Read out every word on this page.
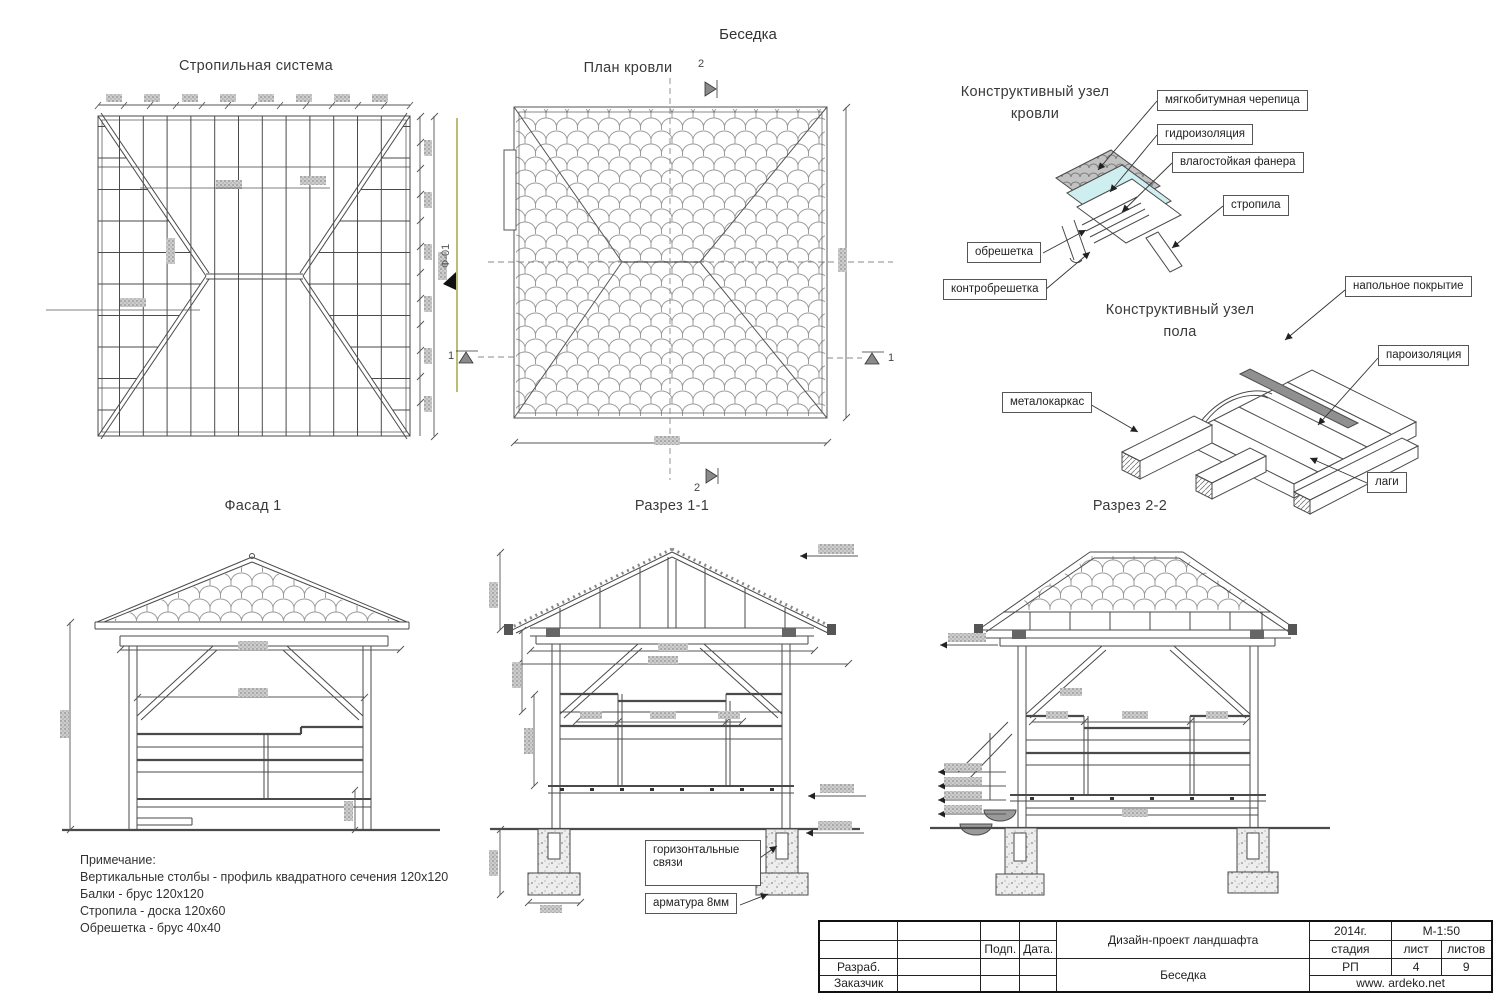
Беседка
Стропильная система	План кровли
Конструктивный узел
кровли
Конструктивный узел
пола
Фасад 1	Разрез 1-1	Разрез 2-2
Ф-01
2
2
1	1
мягкобитумная черепица
гидроизоляция
влагостойкая фанера
стропила
обрешетка
контробрешетка	напольное покрытие
пароизоляция
металокаркас
лаги
горизонтальные связи
арматура 8мм
Примечание:
Вертикальные столбы - профиль квадратного сечения 120х120
Балки - брус 120х120
Стропила - доска 120х60
Обрешетка - брус 40х40
				Дизайн-проект ландшафта	2014г.	М-1:50	
		Подп.	Дата.		стадия	лист	листов
Разраб.				Беседка	РП	4	9
Заказчик					www. ardeko.net		
